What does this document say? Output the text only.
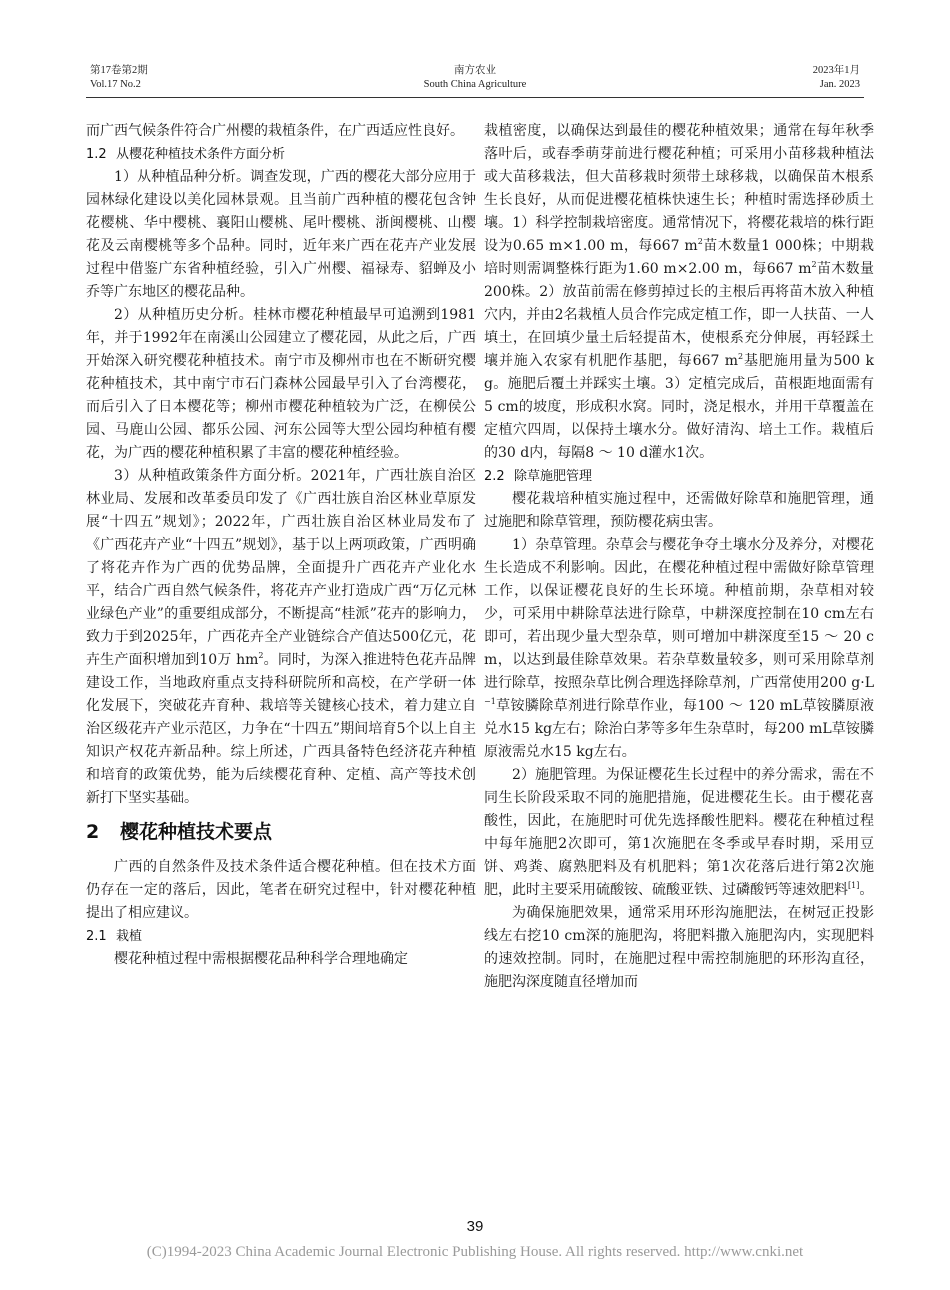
第17卷第2期
Vol.17 No.2
南方农业
South China Agriculture
2023年1月
Jan. 2023

而广西气候条件符合广州樱的栽植条件，在广西适应性良好。

1.2 从樱花种植技术条件方面分析

1）从种植品种分析。调查发现，广西的樱花大部分应用于园林绿化建设以美化园林景观。且当前广西种植的樱花包含钟花樱桃、华中樱桃、襄阳山樱桃、尾叶樱桃、浙闽樱桃、山樱花及云南樱桃等多个品种。同时，近年来广西在花卉产业发展过程中借鉴广东省种植经验，引入广州樱、福禄寿、貂蝉及小乔等广东地区的樱花品种。

2）从种植历史分析。桂林市樱花种植最早可追溯到1981年，并于1992年在南溪山公园建立了樱花园，从此之后，广西开始深入研究樱花种植技术。南宁市及柳州市也在不断研究樱花种植技术，其中南宁市石门森林公园最早引入了台湾樱花，而后引入了日本樱花等；柳州市樱花种植较为广泛，在柳侯公园、马鹿山公园、都乐公园、河东公园等大型公园均种植有樱花，为广西的樱花种植积累了丰富的樱花种植经验。

3）从种植政策条件方面分析。2021年，广西壮族自治区林业局、发展和改革委员印发了《广西壮族自治区林业草原发展“十四五”规划》；2022年，广西壮族自治区林业局发布了《广西花卉产业“十四五”规划》，基于以上两项政策，广西明确了将花卉作为广西的优势品牌，全面提升广西花卉产业化水平，结合广西自然气候条件，将花卉产业打造成广西“万亿元林业绿色产业”的重要组成部分，不断提高“桂派”花卉的影响力，致力于到2025年，广西花卉全产业链综合产值达500亿元，花卉生产面积增加到10万 $hm^2$。同时，为深入推进特色花卉品牌建设工作，当地政府重点支持科研院所和高校，在产学研一体化发展下，突破花卉育种、栽培等关键核心技术，着力建立自治区级花卉产业示范区，力争在“十四五”期间培育5个以上自主知识产权花卉新品种。综上所述，广西具备特色经济花卉种植和培育的政策优势，能为后续樱花育种、定植、高产等技术创新打下坚实基础。

2 樱花种植技术要点

广西的自然条件及技术条件适合樱花种植。但在技术方面仍存在一定的落后，因此，笔者在研究过程中，针对樱花种植提出了相应建议。

2.1 栽植

樱花种植过程中需根据樱花品种科学合理地确定

栽植密度，以确保达到最佳的樱花种植效果；通常在每年秋季落叶后，或春季萌芽前进行樱花种植；可采用小苗移栽种植法或大苗移栽法，但大苗移栽时须带土球移栽，以确保苗木根系生长良好，从而促进樱花植株快速生长；种植时需选择砂质土壤。1）科学控制栽培密度。通常情况下，将樱花栽培的株行距设为0.65 m×1.00 m，每667 $m^2$苗木数量1 000株；中期栽培时则需调整株行距为1.60 m×2.00 m，每667 $m^2$苗木数量200株。2）放苗前需在修剪掉过长的主根后再将苗木放入种植穴内，并由2名栽植人员合作完成定植工作，即一人扶苗、一人填土，在回填少量土后轻提苗木，使根系充分伸展，再轻踩土壤并施入农家有机肥作基肥，每667 $m^2$基肥施用量为500 kg。施肥后覆土并踩实土壤。3）定植完成后，苗根距地面需有5 cm的坡度，形成积水窝。同时，浇足根水，并用干草覆盖在定植穴四周，以保持土壤水分。做好清沟、培土工作。栽植后的30 d内，每隔8 ～ 10 d灌水1次。

2.2 除草施肥管理

樱花栽培种植实施过程中，还需做好除草和施肥管理，通过施肥和除草管理，预防樱花病虫害。

1）杂草管理。杂草会与樱花争夺土壤水分及养分，对樱花生长造成不利影响。因此，在樱花种植过程中需做好除草管理工作，以保证樱花良好的生长环境。种植前期，杂草相对较少，可采用中耕除草法进行除草，中耕深度控制在10 cm左右即可，若出现少量大型杂草，则可增加中耕深度至15 ～ 20 cm，以达到最佳除草效果。若杂草数量较多，则可采用除草剂进行除草，按照杂草比例合理选择除草剂，广西常使用200 $g\cdot L^{-1}$草铵膦除草剂进行除草作业，每100 ～ 120 mL草铵膦原液兑水15 kg左右；除治白茅等多年生杂草时，每200 mL草铵膦原液需兑水15 kg左右。

2）施肥管理。为保证樱花生长过程中的养分需求，需在不同生长阶段采取不同的施肥措施，促进樱花生长。由于樱花喜酸性，因此，在施肥时可优先选择酸性肥料。樱花在种植过程中每年施肥2次即可，第1次施肥在冬季或早春时期，采用豆饼、鸡粪、腐熟肥料及有机肥料；第1次花落后进行第2次施肥，此时主要采用硫酸铵、硫酸亚铁、过磷酸钙等速效肥料[1]。

为确保施肥效果，通常采用环形沟施肥法，在树冠正投影线左右挖10 cm深的施肥沟，将肥料撒入施肥沟内，实现肥料的速效控制。同时，在施肥过程中需控制施肥的环形沟直径，施肥沟深度随直径增加而

39
(C)1994-2023 China Academic Journal Electronic Publishing House. All rights reserved. http://www.cnki.net
